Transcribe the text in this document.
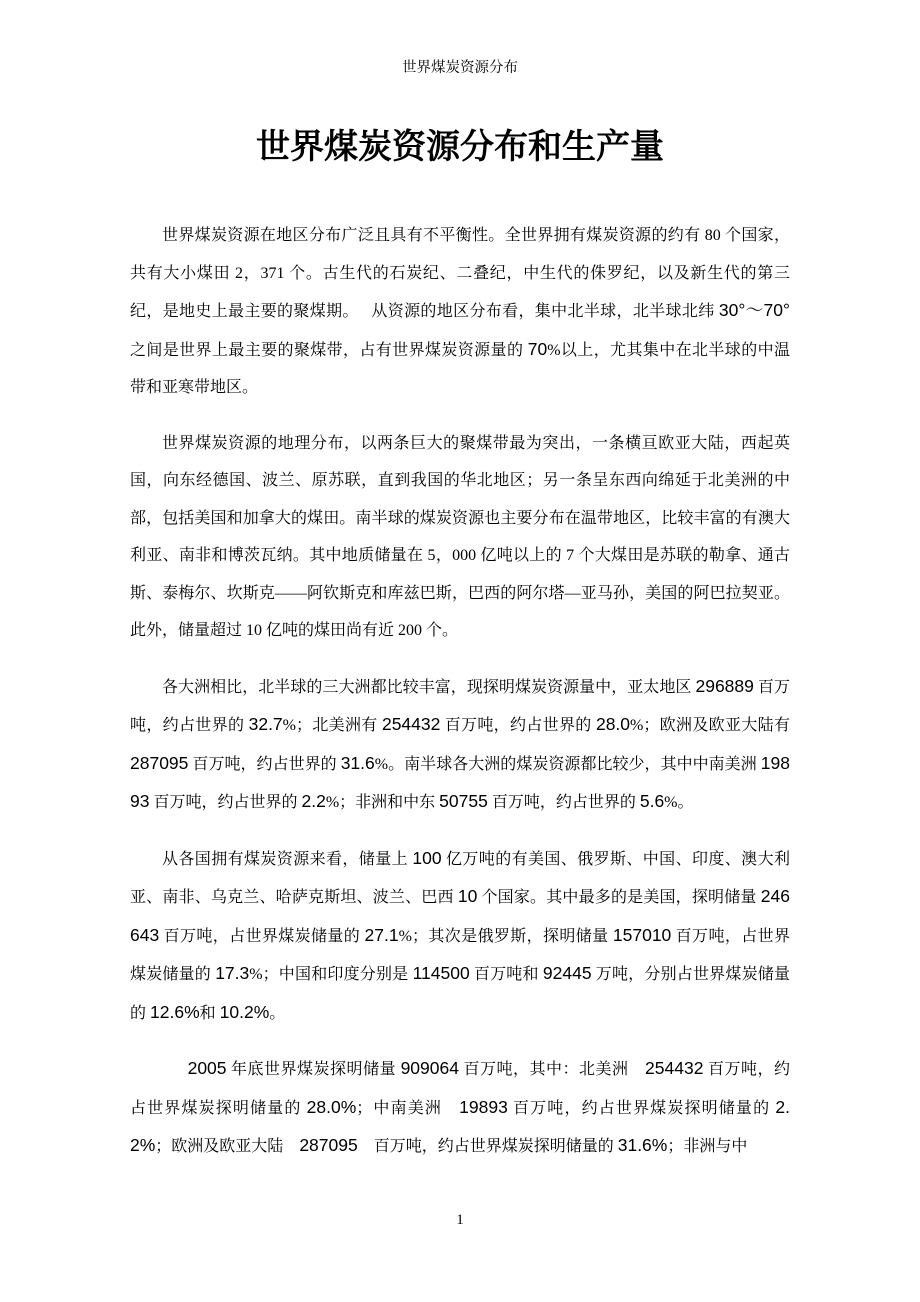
世界煤炭资源分布
世界煤炭资源分布和生产量

世界煤炭资源在地区分布广泛且具有不平衡性。全世界拥有煤炭资源的约有 80 个国家，共有大小煤田 2，371 个。古生代的石炭纪、二叠纪，中生代的侏罗纪，以及新生代的第三纪，是地史上最主要的聚煤期。　 从资源的地区分布看，集中北半球，北半球北纬 30°～70°之间是世界上最主要的聚煤带，占有世界煤炭资源量的 70%以上，尤其集中在北半球的中温带和亚寒带地区。

世界煤炭资源的地理分布，以两条巨大的聚煤带最为突出，一条横亘欧亚大陆，西起英国，向东经德国、波兰、原苏联，直到我国的华北地区；另一条呈东西向绵延于北美洲的中部，包括美国和加拿大的煤田。南半球的煤炭资源也主要分布在温带地区，比较丰富的有澳大利亚、南非和博茨瓦纳。其中地质储量在 5，000 亿吨以上的 7 个大煤田是苏联的勒拿、通古斯、泰梅尔、坎斯克——阿钦斯克和库兹巴斯，巴西的阿尔塔—亚马孙，美国的阿巴拉契亚。此外，储量超过 10 亿吨的煤田尚有近 200 个。

各大洲相比，北半球的三大洲都比较丰富，现探明煤炭资源量中，亚太地区 296889 百万吨，约占世界的 32.7%；北美洲有 254432 百万吨，约占世界的 28.0%；欧洲及欧亚大陆有 287095 百万吨，约占世界的 31.6%。南半球各大洲的煤炭资源都比较少，其中中南美洲 19893 百万吨，约占世界的 2.2%；非洲和中东 50755 百万吨，约占世界的 5.6%。

从各国拥有煤炭资源来看，储量上 100 亿万吨的有美国、俄罗斯、中国、印度、澳大利亚、南非、乌克兰、哈萨克斯坦、波兰、巴西 10 个国家。其中最多的是美国，探明储量 246643 百万吨，占世界煤炭储量的 27.1%；其次是俄罗斯，探明储量 157010 百万吨，占世界煤炭储量的 17.3%；中国和印度分别是 114500 百万吨和 92445 万吨，分别占世界煤炭储量的 12.6%和 10.2%。

2005 年底世界煤炭探明储量 909064 百万吨，其中：北美洲　254432 百万吨，约占世界煤炭探明储量的 28.0%；中南美洲　19893 百万吨，约占世界煤炭探明储量的 2.2%；欧洲及欧亚大陆　287095　百万吨，约占世界煤炭探明储量的 31.6%；非洲与中

1
